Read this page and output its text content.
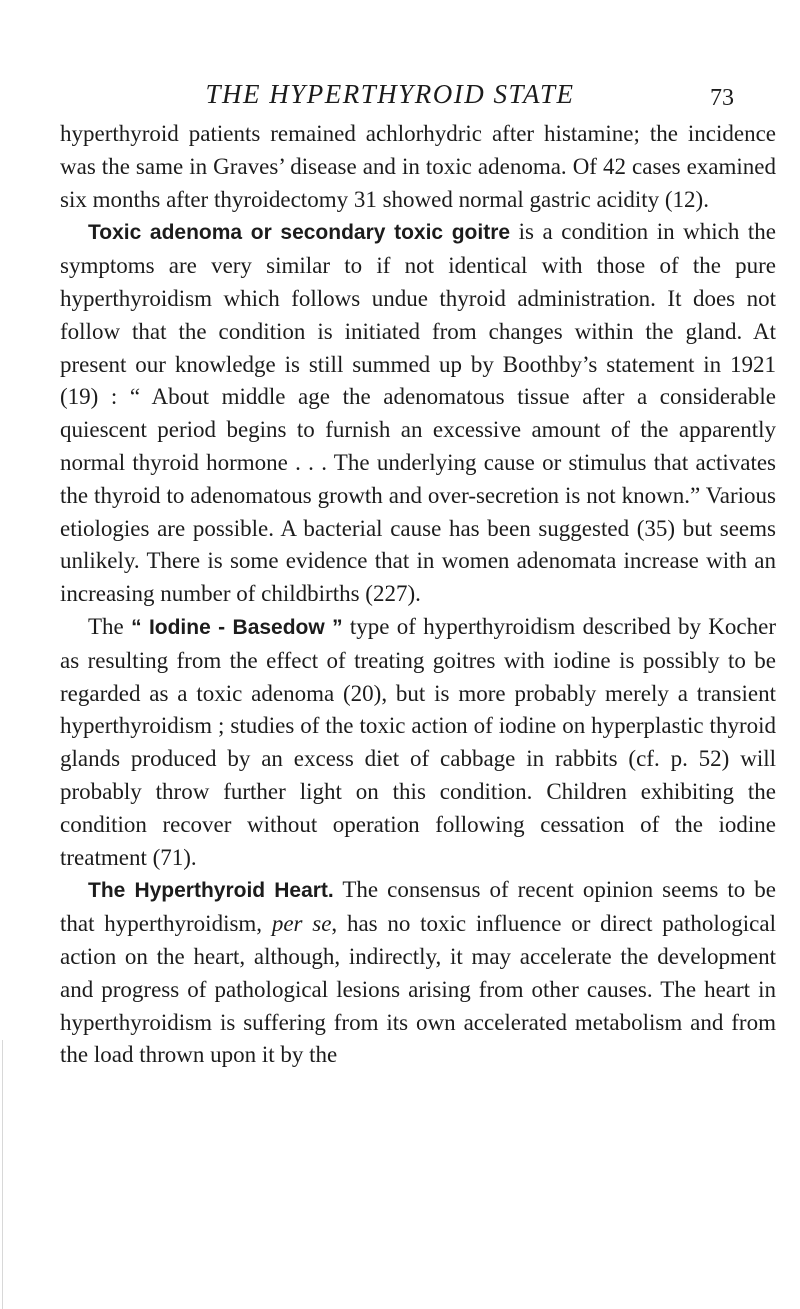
THE HYPERTHYROID STATE	73

hyperthyroid patients remained achlorhydric after histamine; the incidence was the same in Graves’ disease and in toxic adenoma. Of 42 cases examined six months after thyroidectomy 31 showed normal gastric acidity (12).

Toxic adenoma or secondary toxic goitre is a condition in which the symptoms are very similar to if not identical with those of the pure hyperthyroidism which follows undue thyroid administration. It does not follow that the condition is initiated from changes within the gland. At present our knowledge is still summed up by Boothby’s statement in 1921 (19) : “ About middle age the adenomatous tissue after a considerable quiescent period begins to furnish an excessive amount of the apparently normal thyroid hormone . . . The underlying cause or stimulus that activates the thyroid to adenomatous growth and over-secretion is not known.” Various etiologies are possible. A bacterial cause has been suggested (35) but seems unlikely. There is some evidence that in women adenomata increase with an increasing number of childbirths (227).

The “ Iodine - Basedow ” type of hyperthyroidism described by Kocher as resulting from the effect of treating goitres with iodine is possibly to be regarded as a toxic adenoma (20), but is more probably merely a transient hyperthyroidism ; studies of the toxic action of iodine on hyperplastic thyroid glands produced by an excess diet of cabbage in rabbits (cf. p. 52) will probably throw further light on this condition. Children exhibiting the condition recover without operation following cessation of the iodine treatment (71).

The Hyperthyroid Heart. The consensus of recent opinion seems to be that hyperthyroidism, per se, has no toxic influence or direct pathological action on the heart, although, indirectly, it may accelerate the development and progress of pathological lesions arising from other causes. The heart in hyperthyroidism is suffering from its own accelerated metabolism and from the load thrown upon it by the
